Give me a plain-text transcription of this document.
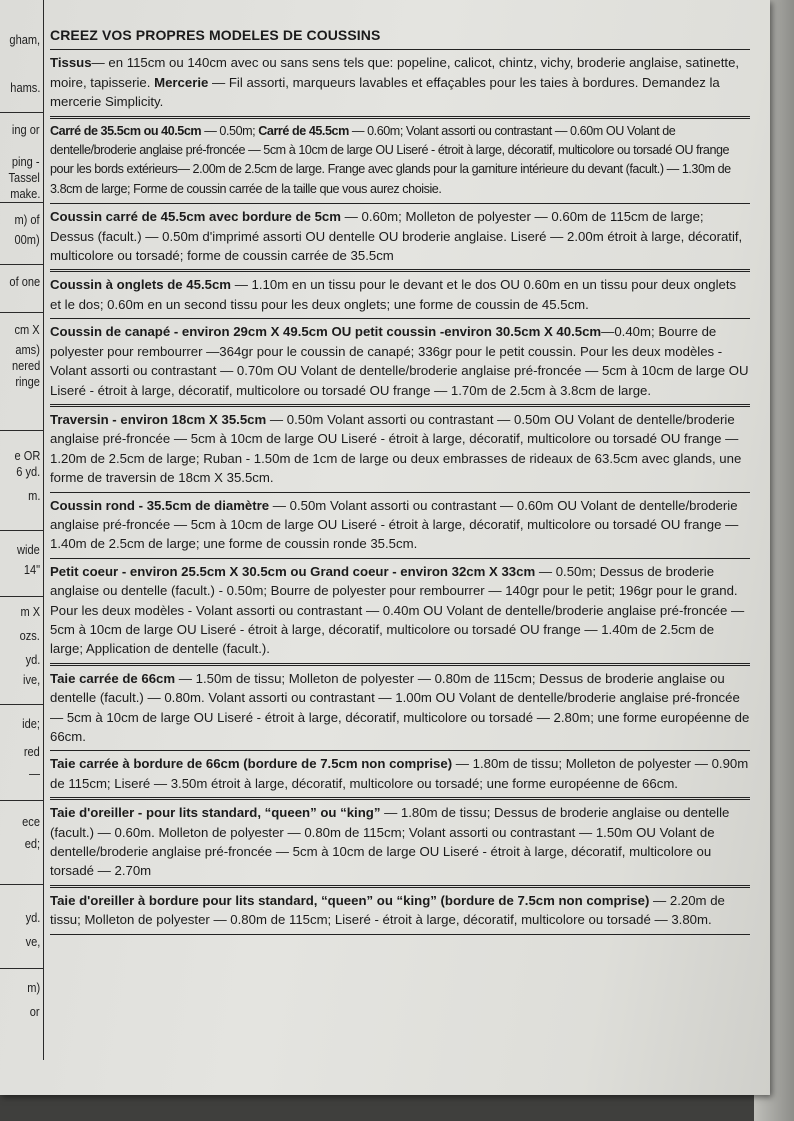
gham,
hams.
ing or
ping -
Tassel
make.
m) of
00m)
of one
cm X
ams)
nered
ringe
e OR
6 yd.
m.
wide
14"
m X
ozs.
yd.
ive,
ide;
red
—
ece
ed;
yd.
ve,
m)
or
CREEZ VOS PROPRES MODELES DE COUSSINS

Tissus— en 115cm ou 140cm avec ou sans sens tels que: popeline, calicot, chintz, vichy, broderie anglaise, satinette, moire, tapisserie. Mercerie — Fil assorti, marqueurs lavables et effaçables pour les taies à bordures. Demandez la mercerie Simplicity.

Carré de 35.5cm ou 40.5cm — 0.50m; Carré de 45.5cm — 0.60m; Volant assorti ou contrastant — 0.60m OU Volant de dentelle/broderie anglaise pré-froncée — 5cm à 10cm de large OU Liseré - étroit à large, décoratif, multicolore ou torsadé OU frange pour les bords extérieurs— 2.00m de 2.5cm de large. Frange avec glands pour la garniture intérieure du devant (facult.) — 1.30m de 3.8cm de large; Forme de coussin carrée de la taille que vous aurez choisie.

Coussin carré de 45.5cm avec bordure de 5cm — 0.60m; Molleton de polyester — 0.60m de 115cm de large; Dessus (facult.) — 0.50m d'imprimé assorti OU dentelle OU broderie anglaise. Liseré — 2.00m étroit à large, décoratif, multicolore ou torsadé; forme de coussin carrée de 35.5cm

Coussin à onglets de 45.5cm — 1.10m en un tissu pour le devant et le dos OU 0.60m en un tissu pour deux onglets et le dos; 0.60m en un second tissu pour les deux onglets; une forme de coussin de 45.5cm.

Coussin de canapé - environ 29cm X 49.5cm OU petit coussin -environ 30.5cm X 40.5cm—0.40m; Bourre de polyester pour rembourrer —364gr pour le coussin de canapé; 336gr pour le petit coussin. Pour les deux modèles - Volant assorti ou contrastant — 0.70m OU Volant de dentelle/broderie anglaise pré-froncée — 5cm à 10cm de large OU Liseré - étroit à large, décoratif, multicolore ou torsadé OU frange — 1.70m de 2.5cm à 3.8cm de large.

Traversin - environ 18cm X 35.5cm — 0.50m Volant assorti ou contrastant — 0.50m OU Volant de dentelle/broderie anglaise pré-froncée — 5cm à 10cm de large OU Liseré - étroit à large, décoratif, multicolore ou torsadé OU frange — 1.20m de 2.5cm de large; Ruban - 1.50m de 1cm de large ou deux embrasses de rideaux de 63.5cm avec glands, une forme de traversin de 18cm X 35.5cm.

Coussin rond - 35.5cm de diamètre — 0.50m Volant assorti ou contrastant — 0.60m OU Volant de dentelle/broderie anglaise pré-froncée — 5cm à 10cm de large OU Liseré - étroit à large, décoratif, multicolore ou torsadé OU frange — 1.40m de 2.5cm de large; une forme de coussin ronde 35.5cm.

Petit coeur - environ 25.5cm X 30.5cm ou Grand coeur - environ 32cm X 33cm — 0.50m; Dessus de broderie anglaise ou dentelle (facult.) - 0.50m; Bourre de polyester pour rembourrer — 140gr pour le petit; 196gr pour le grand. Pour les deux modèles - Volant assorti ou contrastant — 0.40m OU Volant de dentelle/broderie anglaise pré-froncée — 5cm à 10cm de large OU Liseré - étroit à large, décoratif, multicolore ou torsadé OU frange — 1.40m de 2.5cm de large; Application de dentelle (facult.).

Taie carrée de 66cm — 1.50m de tissu; Molleton de polyester — 0.80m de 115cm; Dessus de broderie anglaise ou dentelle (facult.) — 0.80m. Volant assorti ou contrastant — 1.00m OU Volant de dentelle/broderie anglaise pré-froncée — 5cm à 10cm de large OU Liseré - étroit à large, décoratif, multicolore ou torsadé — 2.80m; une forme européenne de 66cm.

Taie carrée à bordure de 66cm (bordure de 7.5cm non comprise) — 1.80m de tissu; Molleton de polyester — 0.90m de 115cm; Liseré — 3.50m étroit à large, décoratif, multicolore ou torsadé; une forme européenne de 66cm.

Taie d'oreiller - pour lits standard, “queen” ou “king” — 1.80m de tissu; Dessus de broderie anglaise ou dentelle (facult.) — 0.60m. Molleton de polyester — 0.80m de 115cm; Volant assorti ou contrastant — 1.50m OU Volant de dentelle/broderie anglaise pré-froncée — 5cm à 10cm de large OU Liseré - étroit à large, décoratif, multicolore ou torsadé — 2.70m

Taie d'oreiller à bordure pour lits standard, “queen” ou “king” (bordure de 7.5cm non comprise) — 2.20m de tissu; Molleton de polyester — 0.80m de 115cm; Liseré - étroit à large, décoratif, multicolore ou torsadé — 3.80m.
